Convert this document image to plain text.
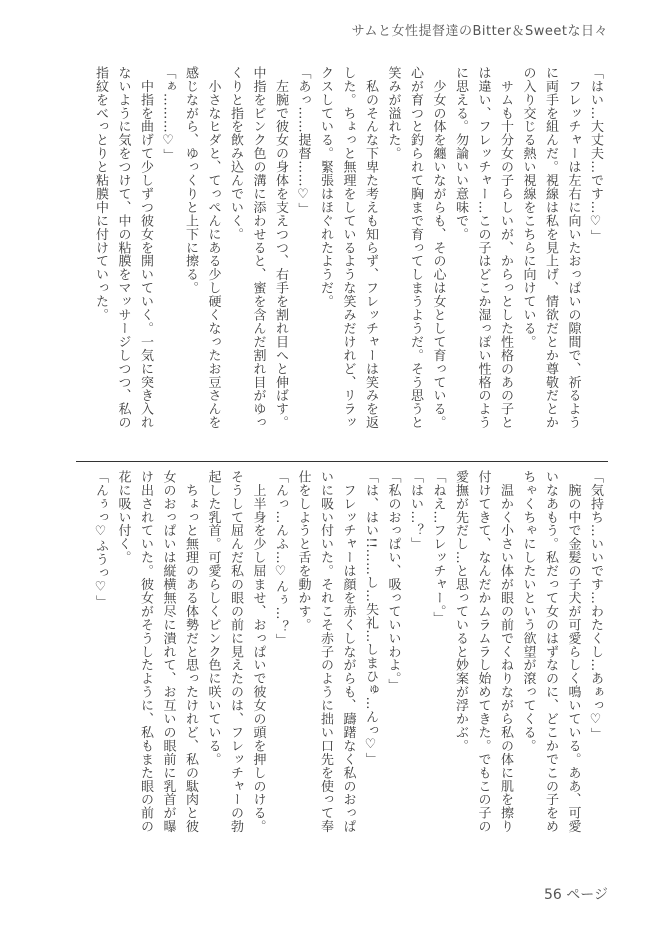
サムと女性提督達のBitter＆Sweetな日々

「はい…大丈夫…です…♡」

　フレッチャーは左右に向いたおっぱいの隙間で、祈るよう

に両手を組んだ。視線は私を見上げ、情欲だとか尊敬だとか

の入り交じる熱い視線をこちらに向けている。

　サムも十分女の子らしいが、からっとした性格のあの子と

は違い、フレッチャー…この子はどこか湿っぽい性格のよう

に思える。勿論いい意味で。

　少女の体を纏いながらも、その心は女として育っている。

心が育つと釣られて胸まで育ってしまうようだ。そう思うと

笑みが溢れた。

　私のそんな下卑た考えも知らず、フレッチャーは笑みを返

した。ちょっと無理をしているような笑みだけれど、リラッ

クスしている。緊張はほぐれたようだ。

「あっ……提督……♡」

　左腕で彼女の身体を支えつつ、右手を割れ目へと伸ばす。

中指をピンク色の溝に添わせると、蜜を含んだ割れ目がゆっ

くりと指を飲み込んでいく。

　小さなヒダと、てっぺんにある少し硬くなったお豆さんを

感じながら、ゆっくりと上下に擦る。

「ぁ………♡」

　中指を曲げて少しずつ彼女を開いていく。一気に突き入れ

ないように気をつけて、中の粘膜をマッサージしつつ、私の

指紋をべっとりと粘膜中に付けていった。

「気持ち…いいです…わたくし…あぁっ♡」

　腕の中で金髪の子犬が可愛らしく鳴いている。ああ、可愛

いなあもう。私だって女のはずなのに、どこかでこの子をめ

ちゃくちゃにしたいという欲望が滾ってくる。

　温かく小さい体が眼の前でくねりながら私の体に肌を擦り

付けてきて、なんだかムラムラし始めてきた。でもこの子の

愛撫が先だし…と思っていると妙案が浮かぶ。

「ねえ…フレッチャー。」

「はい…？」

「私のおっぱい、吸っていいわよ。」

「は、はい!!……し…失礼…しまひゅ…んっ♡」

　フレッチャーは顔を赤くしながらも、躊躇なく私のおっぱ

いに吸い付いた。それこそ赤子のように拙い口先を使って奉

仕をしようと舌を動かす。

「んっ…んふ…♡んぅ…？」

　上半身を少し屈ませ、おっぱいで彼女の頭を押しのける。

そうして屈んだ私の眼の前に見えたのは、フレッチャーの勃

起した乳首。可愛らしくピンク色に咲いている。

　ちょっと無理のある体勢だと思ったけれど、私の駄肉と彼

女のおっぱいは縦横無尽に潰れて、お互いの眼前に乳首が曝

け出されていた。彼女がそうしたように、私もまた眼の前の

花に吸い付く。

「んぅっ♡ふうっ♡」

56 ページ
